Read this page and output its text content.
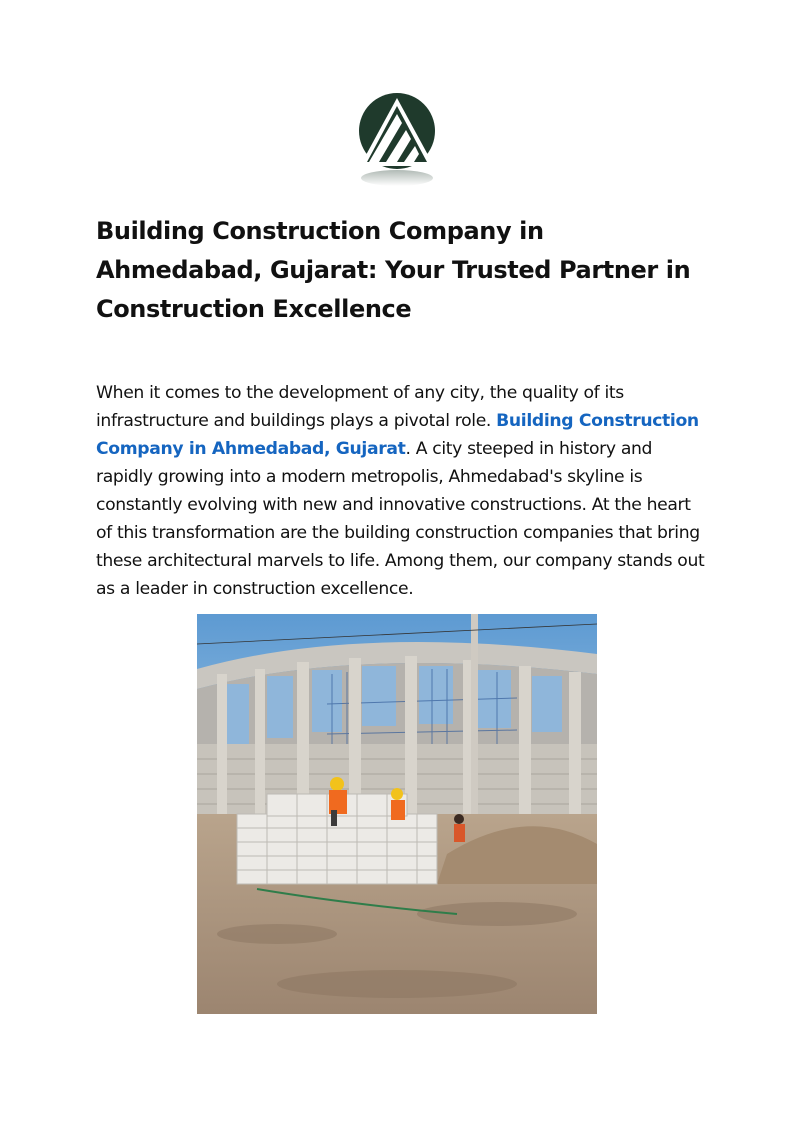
Building Construction Company in Ahmedabad, Gujarat: Your Trusted Partner in Construction Excellence

When it comes to the development of any city, the quality of its infrastructure and buildings plays a pivotal role. Building Construction Company in Ahmedabad, Gujarat. A city steeped in history and rapidly growing into a modern metropolis, Ahmedabad's skyline is constantly evolving with new and innovative constructions. At the heart of this transformation are the building construction companies that bring these architectural marvels to life. Among them, our company stands out as a leader in construction excellence.
